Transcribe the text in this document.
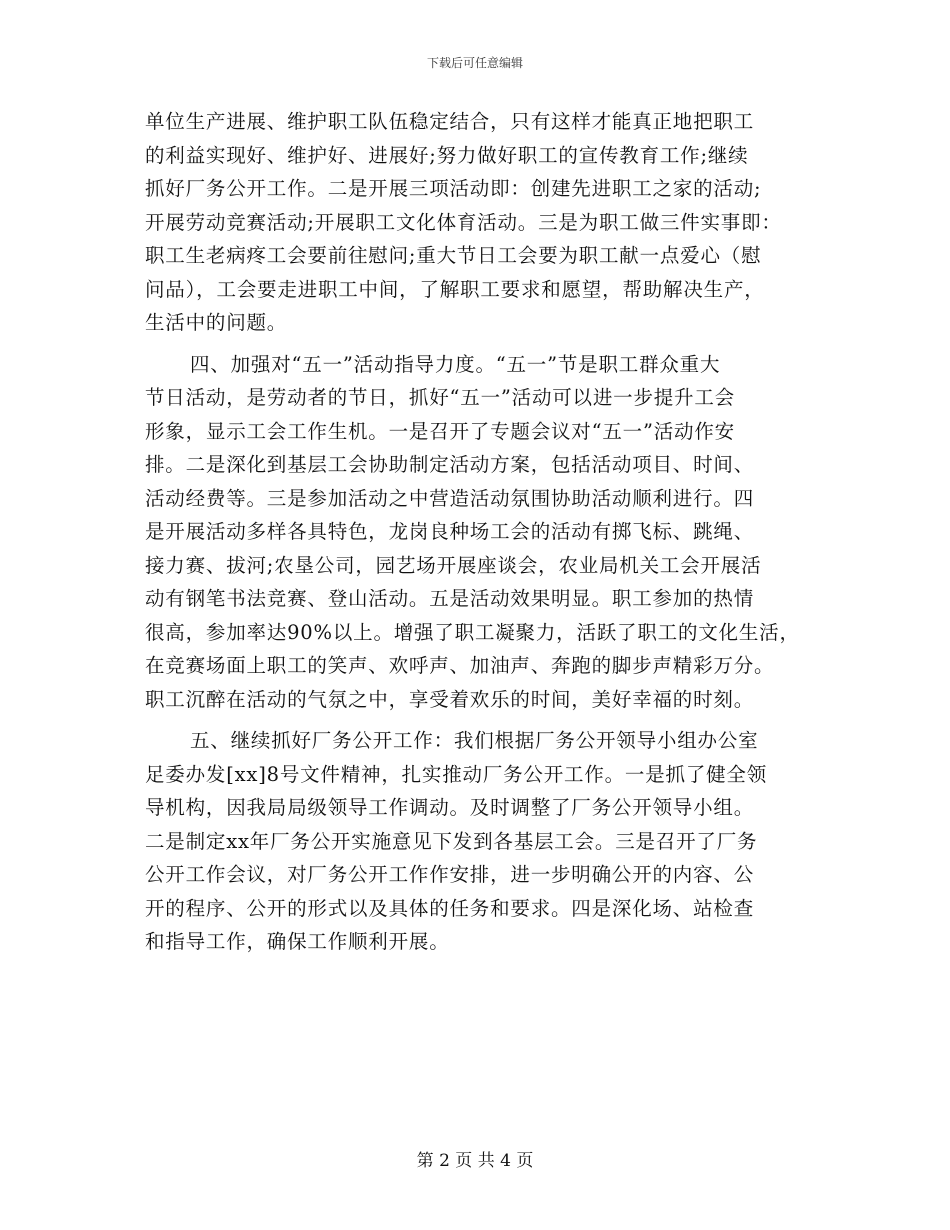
下载后可任意编辑
单位生产进展、维护职工队伍稳定结合，只有这样才能真正地把职工
的利益实现好、维护好、进展好;努力做好职工的宣传教育工作;继续
抓好厂务公开工作。二是开展三项活动即：创建先进职工之家的活动;
开展劳动竞赛活动;开展职工文化体育活动。三是为职工做三件实事即：
职工生老病疼工会要前往慰问;重大节日工会要为职工献一点爱心（慰
问品），工会要走进职工中间，了解职工要求和愿望，帮助解决生产，
生活中的问题。
四、加强对“五一”活动指导力度。“五一”节是职工群众重大
节日活动，是劳动者的节日，抓好“五一”活动可以进一步提升工会
形象，显示工会工作生机。一是召开了专题会议对“五一”活动作安
排。二是深化到基层工会协助制定活动方案，包括活动项目、时间、
活动经费等。三是参加活动之中营造活动氛围协助活动顺利进行。四
是开展活动多样各具特色，龙岗良种场工会的活动有掷飞标、跳绳、
接力赛、拔河;农垦公司，园艺场开展座谈会，农业局机关工会开展活
动有钢笔书法竞赛、登山活动。五是活动效果明显。职工参加的热情
很高，参加率达90%以上。增强了职工凝聚力，活跃了职工的文化生活，
在竞赛场面上职工的笑声、欢呼声、加油声、奔跑的脚步声精彩万分。
职工沉醉在活动的气氛之中，享受着欢乐的时间，美好幸福的时刻。
五、继续抓好厂务公开工作：我们根据厂务公开领导小组办公室
足委办发[xx]8号文件精神，扎实推动厂务公开工作。一是抓了健全领
导机构，因我局局级领导工作调动。及时调整了厂务公开领导小组。
二是制定xx年厂务公开实施意见下发到各基层工会。三是召开了厂务
公开工作会议，对厂务公开工作作安排，进一步明确公开的内容、公
开的程序、公开的形式以及具体的任务和要求。四是深化场、站检查
和指导工作，确保工作顺利开展。
第 2 页 共 4 页
